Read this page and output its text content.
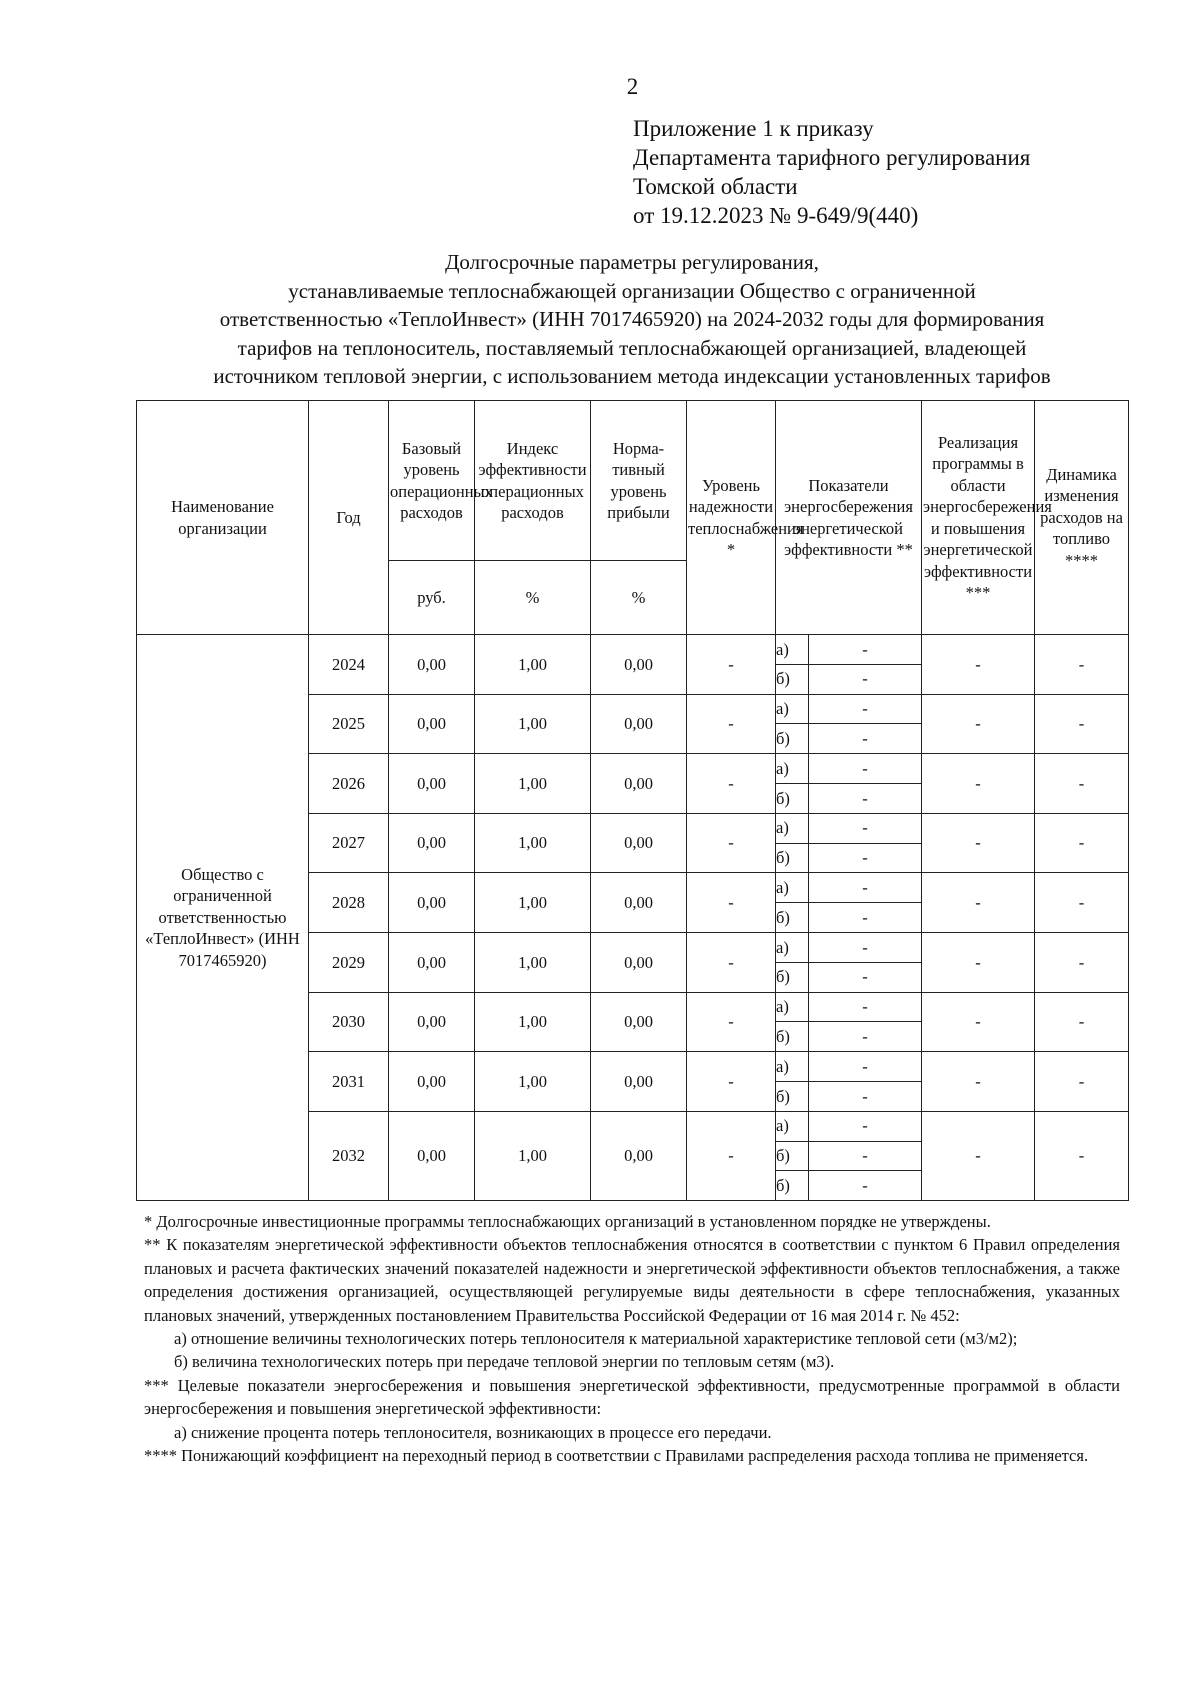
2
Приложение 1 к приказу
Департамента тарифного регулирования
Томской области
от 19.12.2023 № 9-649/9(440)
Долгосрочные параметры регулирования,
устанавливаемые теплоснабжающей организации Общество с ограниченной
ответственностью «ТеплоИнвест» (ИНН 7017465920) на 2024-2032 годы для формирования
тарифов на теплоноситель, поставляемый теплоснабжающей организацией, владеющей
источником тепловой энергии, с использованием метода индексации установленных тарифов
Наименование организации	Год	Базовый уровень операционных расходов	Индекс эффективности операционных расходов	Норма-тивный уровень прибыли	Уровень надежности теплоснабжения *	Показатели энергосбережения энергетической эффективности **		Реализация программы в области энергосбережения и повышения энергетической эффективности ***	Динамика изменения расходов на топливо ****
		руб.	%	%					
Общество с ограниченной ответственностью «ТеплоИнвест» (ИНН 7017465920)	2024	0,00	1,00	0,00	-	а)	-	-	-
						б)	-		
	2025	0,00	1,00	0,00	-	а)	-	-	-
						б)	-		
	2026	0,00	1,00	0,00	-	а)	-	-	-
						б)	-		
	2027	0,00	1,00	0,00	-	а)	-	-	-
						б)	-		
	2028	0,00	1,00	0,00	-	а)	-	-	-
						б)	-		
	2029	0,00	1,00	0,00	-	а)	-	-	-
						б)	-		
	2030	0,00	1,00	0,00	-	а)	-	-	-
						б)	-		
	2031	0,00	1,00	0,00	-	а)	-	-	-
						б)	-		
	2032	0,00	1,00	0,00	-	а)	-	-	-
						б)	-		
						б)	-		

* Долгосрочные инвестиционные программы теплоснабжающих организаций в установленном порядке не утверждены.

** К показателям энергетической эффективности объектов теплоснабжения относятся в соответствии с пунктом 6 Правил определения плановых и расчета фактических значений показателей надежности и энергетической эффективности объектов теплоснабжения, а также определения достижения организацией, осуществляющей регулируемые виды деятельности в сфере теплоснабжения, указанных плановых значений, утвержденных постановлением Правительства Российской Федерации от 16 мая 2014 г. № 452:

а) отношение величины технологических потерь теплоносителя к материальной характеристике тепловой сети (м3/м2);

б) величина технологических потерь при передаче тепловой энергии по тепловым сетям (м3).

*** Целевые показатели энергосбережения и повышения энергетической эффективности, предусмотренные программой в области энергосбережения и повышения энергетической эффективности:

а) снижение процента потерь теплоносителя, возникающих в процессе его передачи.

**** Понижающий коэффициент на переходный период в соответствии с Правилами распределения расхода топлива не применяется.
